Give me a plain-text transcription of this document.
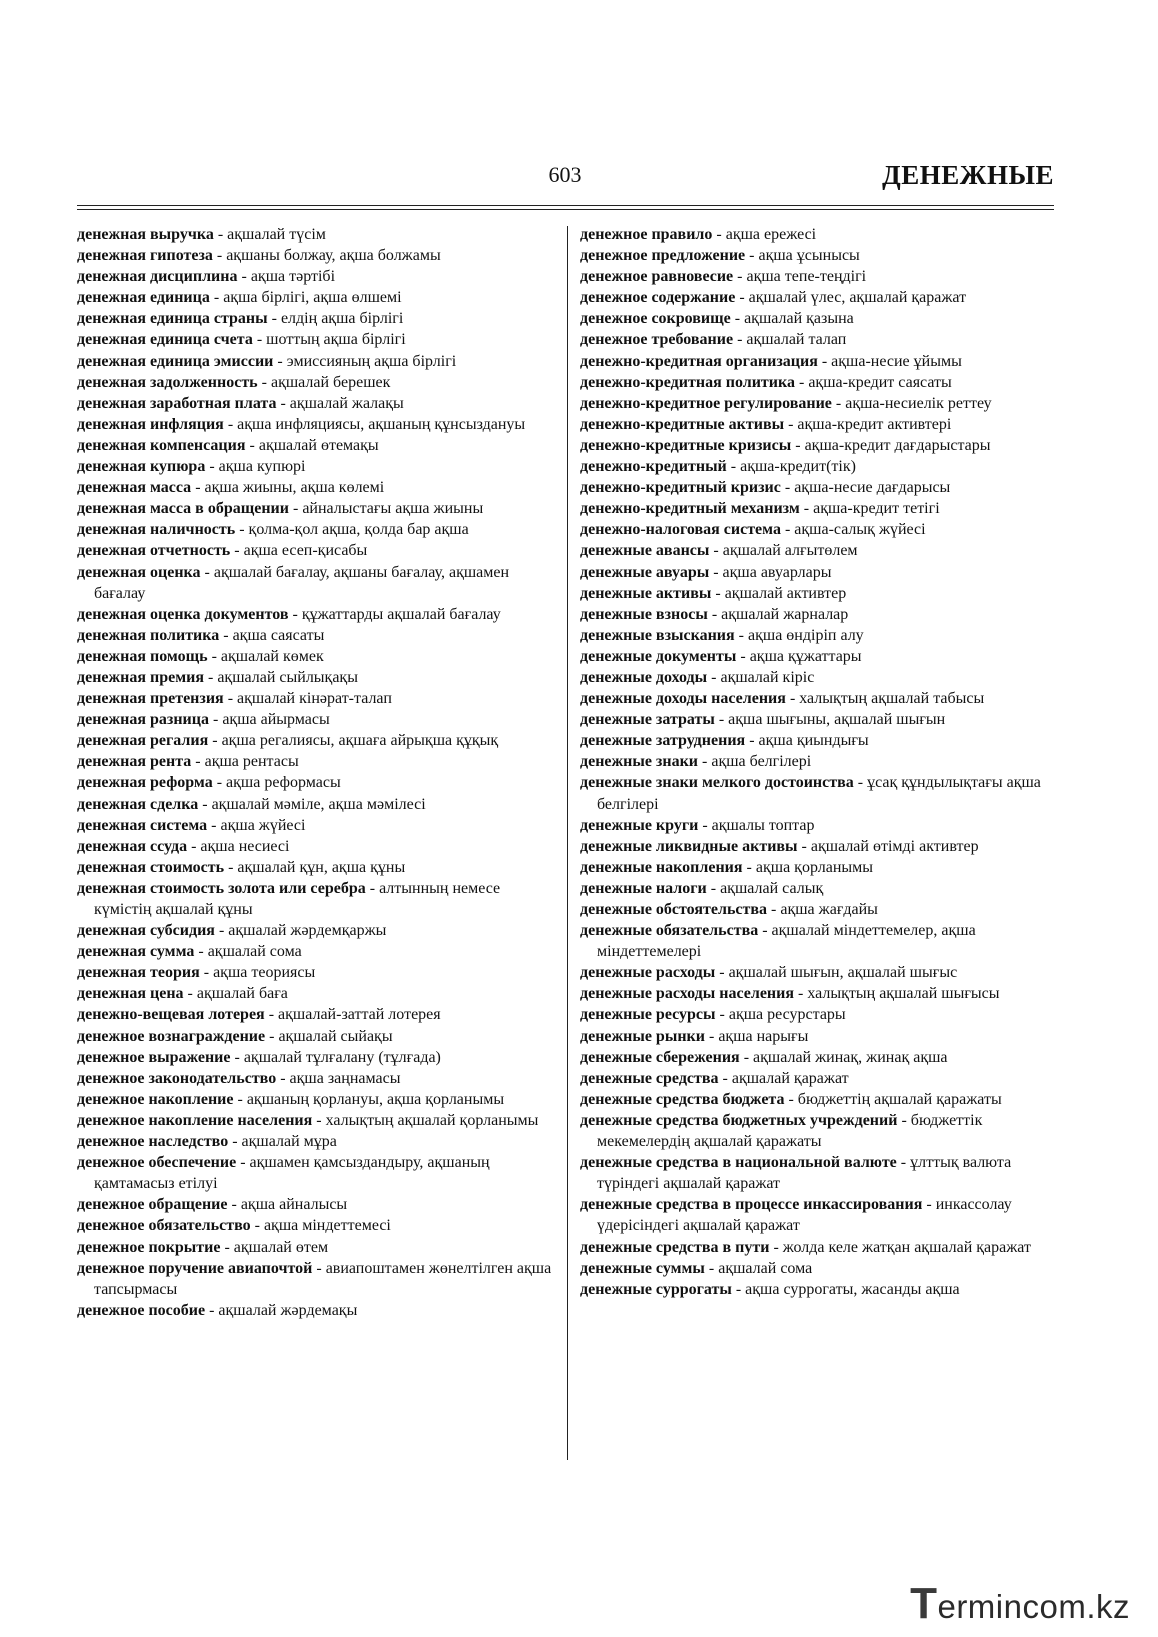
603	ДЕНЕЖНЫЕ

денежная выручка - ақшалай түсім

денежная гипотеза - ақшаны болжау, ақша болжамы

денежная дисциплина - ақша тәртібі

денежная единица - ақша бірлігі, ақша өлшемі

денежная единица страны - елдің ақша бірлігі

денежная единица счета - шоттың ақша бірлігі

денежная единица эмиссии - эмиссияның ақша бірлігі

денежная задолженность - ақшалай берешек

денежная заработная плата - ақшалай жалақы

денежная инфляция - ақша инфляциясы, ақшаның құнсыздануы

денежная компенсация - ақшалай өтемақы

денежная купюра - ақша купюрі

денежная масса - ақша жиыны, ақша көлемі

денежная масса в обращении - айналыстағы ақша жиыны

денежная наличность - қолма-қол ақша, қолда бар ақша

денежная отчетность - ақша есеп-қисабы

денежная оценка - ақшалай бағалау, ақшаны бағалау, ақшамен бағалау

денежная оценка документов - құжаттарды ақшалай бағалау

денежная политика - ақша саясаты

денежная помощь - ақшалай көмек

денежная премия - ақшалай сыйлықақы

денежная претензия - ақшалай кінәрат-талап

денежная разница - ақша айырмасы

денежная регалия - ақша регалиясы, ақшаға айрықша құқық

денежная рента - ақша рентасы

денежная реформа - ақша реформасы

денежная сделка - ақшалай мәміле, ақша мәмілесі

денежная система - ақша жүйесі

денежная ссуда - ақша несиесі

денежная стоимость - ақшалай құн, ақша құны

денежная стоимость золота или серебра - алтынның немесе күмістің ақшалай құны

денежная субсидия - ақшалай жәрдемқаржы

денежная сумма - ақшалай сома

денежная теория - ақша теориясы

денежная цена - ақшалай баға

денежно-вещевая лотерея - ақшалай-заттай лотерея

денежное вознаграждение - ақшалай сыйақы

денежное выражение - ақшалай тұлғалану (тұлғада)

денежное законодательство - ақша заңнамасы

денежное накопление - ақшаның қорлануы, ақша қорланымы

денежное накопление населения - халықтың ақшалай қорланымы

денежное наследство - ақшалай мұра

денежное обеспечение - ақшамен қамсыздандыру, ақшаның қамтамасыз етілуі

денежное обращение - ақша айналысы

денежное обязательство - ақша міндеттемесі

денежное покрытие - ақшалай өтем

денежное поручение авиапочтой - авиапоштамен жөнелтілген ақша тапсырмасы

денежное пособие - ақшалай жәрдемақы

денежное правило - ақша ережесі

денежное предложение - ақша ұсынысы

денежное равновесие - ақша тепе-теңдігі

денежное содержание - ақшалай үлес, ақшалай қаражат

денежное сокровище - ақшалай қазына

денежное требование - ақшалай талап

денежно-кредитная организация - ақша-несие ұйымы

денежно-кредитная политика - ақша-кредит саясаты

денежно-кредитное регулирование - ақша-несиелік реттеу

денежно-кредитные активы - ақша-кредит активтері

денежно-кредитные кризисы - ақша-кредит дағдарыстары

денежно-кредитный - ақша-кредит(тік)

денежно-кредитный кризис - ақша-несие дағдарысы

денежно-кредитный механизм - ақша-кредит тетігі

денежно-налоговая система - ақша-салық жүйесі

денежные авансы - ақшалай алғытөлем

денежные авуары - ақша авуарлары

денежные активы - ақшалай активтер

денежные взносы - ақшалай жарналар

денежные взыскания - ақша өндіріп алу

денежные документы - ақша құжаттары

денежные доходы - ақшалай кіріс

денежные доходы населения - халықтың ақшалай табысы

денежные затраты - ақша шығыны, ақшалай шығын

денежные затруднения - ақша қиындығы

денежные знаки - ақша белгілері

денежные знаки мелкого достоинства - ұсақ құндылықтағы ақша белгілері

денежные круги - ақшалы топтар

денежные ликвидные активы - ақшалай өтімді активтер

денежные накопления - ақша қорланымы

денежные налоги - ақшалай салық

денежные обстоятельства - ақша жағдайы

денежные обязательства - ақшалай міндеттемелер, ақша міндеттемелері

денежные расходы - ақшалай шығын, ақшалай шығыс

денежные расходы населения - халықтың ақшалай шығысы

денежные ресурсы - ақша ресурстары

денежные рынки - ақша нарығы

денежные сбережения - ақшалай жинақ, жинақ ақша

денежные средства - ақшалай қаражат

денежные средства бюджета - бюджеттің ақшалай қаражаты

денежные средства бюджетных учреждений - бюджеттік мекемелердің ақшалай қаражаты

денежные средства в национальной валюте - ұлттық валюта түріндегі ақшалай қаражат

денежные средства в процессе инкассирования - инкассолау үдерісіндегі ақшалай қаражат

денежные средства в пути - жолда келе жатқан ақшалай қаражат

денежные суммы - ақшалай сома

денежные суррогаты - ақша суррогаты, жасанды ақша

Termincom.kz
